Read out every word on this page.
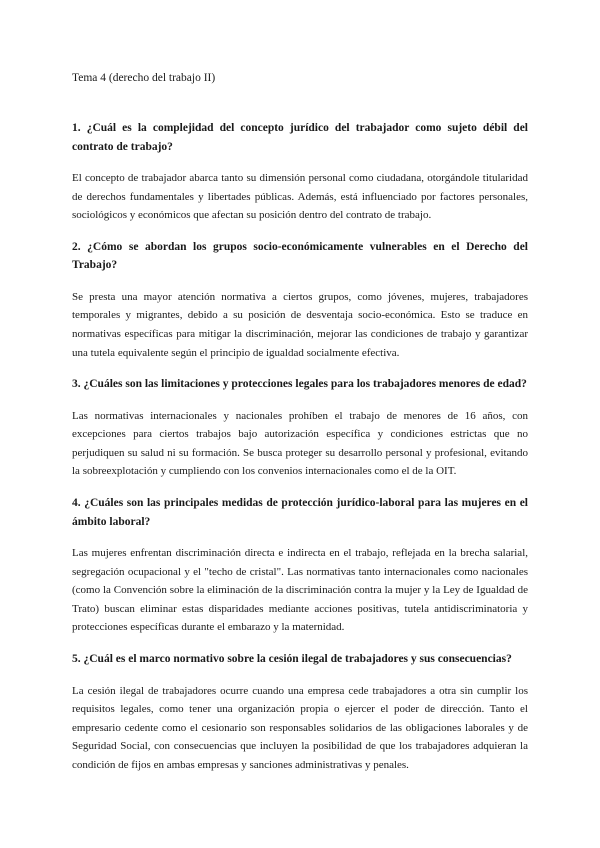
Tema 4 (derecho del trabajo II)

1. ¿Cuál es la complejidad del concepto jurídico del trabajador como sujeto débil del contrato de trabajo?

El concepto de trabajador abarca tanto su dimensión personal como ciudadana, otorgándole titularidad de derechos fundamentales y libertades públicas. Además, está influenciado por factores personales, sociológicos y económicos que afectan su posición dentro del contrato de trabajo.

2. ¿Cómo se abordan los grupos socio-económicamente vulnerables en el Derecho del Trabajo?

Se presta una mayor atención normativa a ciertos grupos, como jóvenes, mujeres, trabajadores temporales y migrantes, debido a su posición de desventaja socio-económica. Esto se traduce en normativas específicas para mitigar la discriminación, mejorar las condiciones de trabajo y garantizar una tutela equivalente según el principio de igualdad socialmente efectiva.

3. ¿Cuáles son las limitaciones y protecciones legales para los trabajadores menores de edad?

Las normativas internacionales y nacionales prohíben el trabajo de menores de 16 años, con excepciones para ciertos trabajos bajo autorización específica y condiciones estrictas que no perjudiquen su salud ni su formación. Se busca proteger su desarrollo personal y profesional, evitando la sobreexplotación y cumpliendo con los convenios internacionales como el de la OIT.

4. ¿Cuáles son las principales medidas de protección jurídico-laboral para las mujeres en el ámbito laboral?

Las mujeres enfrentan discriminación directa e indirecta en el trabajo, reflejada en la brecha salarial, segregación ocupacional y el "techo de cristal". Las normativas tanto internacionales como nacionales (como la Convención sobre la eliminación de la discriminación contra la mujer y la Ley de Igualdad de Trato) buscan eliminar estas disparidades mediante acciones positivas, tutela antidiscriminatoria y protecciones específicas durante el embarazo y la maternidad.

5. ¿Cuál es el marco normativo sobre la cesión ilegal de trabajadores y sus consecuencias?

La cesión ilegal de trabajadores ocurre cuando una empresa cede trabajadores a otra sin cumplir los requisitos legales, como tener una organización propia o ejercer el poder de dirección. Tanto el empresario cedente como el cesionario son responsables solidarios de las obligaciones laborales y de Seguridad Social, con consecuencias que incluyen la posibilidad de que los trabajadores adquieran la condición de fijos en ambas empresas y sanciones administrativas y penales.
